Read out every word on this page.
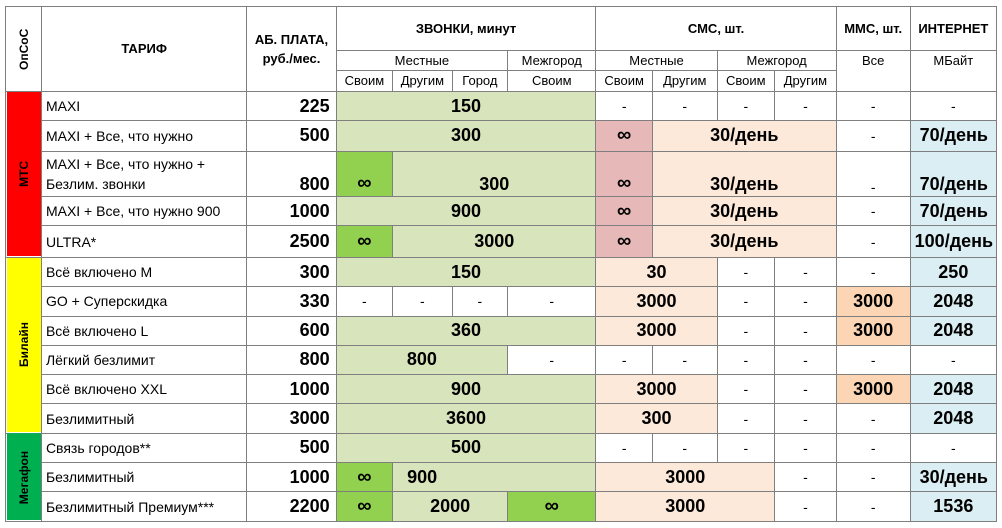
ОпСоС	ТАРИФ	АБ. ПЛАТА, руб./мес.	ЗВОНКИ, минут				СМС, шт.				ММС, шт.	ИНТЕРНЕТ
			Местные			Межгород	Местные		Межгород		Все	МБайт
			Своим	Другим	Город	Своим	Своим	Другим	Своим	Другим		
МТС	MAXI	225	150				-	-	-	-	-	-
	MAXI + Все, что нужно	500	300				∞	30/день			-	70/день
	MAXI + Все, что нужно + Безлим. звонки	800	∞	300			∞	30/день			-	70/день
	MAXI + Все, что нужно 900	1000	900				∞	30/день			-	70/день
	ULTRA*	2500	∞	3000			∞	30/день			-	100/день
Билайн	Всё включено М	300	150				30		-	-	-	250
	GO + Суперскидка	330	-	-	-	-	3000		-	-	3000	2048
	Всё включено L	600	360				3000		-	-	3000	2048
	Лёгкий безлимит	800	800			-	-	-	-	-	-	-
	Всё включено XXL	1000	900				3000		-	-	3000	2048
	Безлимитный	3000	3600				300		-	-	-	2048
Мегафон	Связь городов**	500	500				-	-	-	-	-	-
	Безлимитный	1000	∞	900			3000			-	-	30/день
	Безлимитный Премиум***	2200	∞	2000		∞	3000			-	-	1536
